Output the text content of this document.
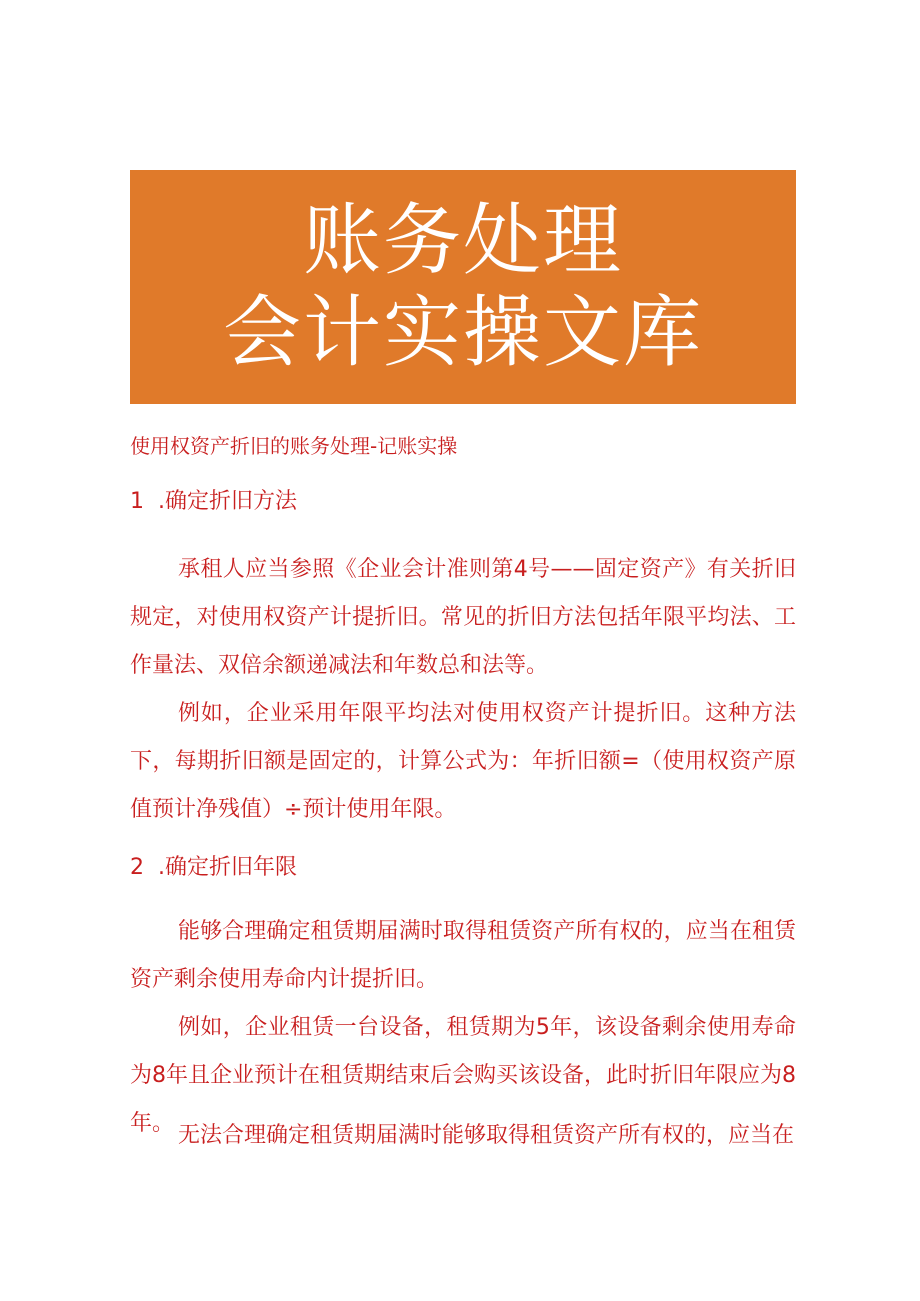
账务处理
会计实操文库
使用权资产折旧的账务处理-记账实操
1 .确定折旧方法

承租人应当参照《企业会计准则第4号——固定资产》有关折旧规定，对使用权资产计提折旧。常见的折旧方法包括年限平均法、工作量法、双倍余额递减法和年数总和法等。

例如，企业采用年限平均法对使用权资产计提折旧。这种方法下，每期折旧额是固定的，计算公式为：年折旧额=（使用权资产原值预计净残值）÷预计使用年限。

2 .确定折旧年限

能够合理确定租赁期届满时取得租赁资产所有权的，应当在租赁资产剩余使用寿命内计提折旧。

例如，企业租赁一台设备，租赁期为5年，该设备剩余使用寿命为8年且企业预计在租赁期结束后会购买该设备，此时折旧年限应为8年。 无法合理确定租赁期届满时能够取得租赁资产所有权的，应当在
